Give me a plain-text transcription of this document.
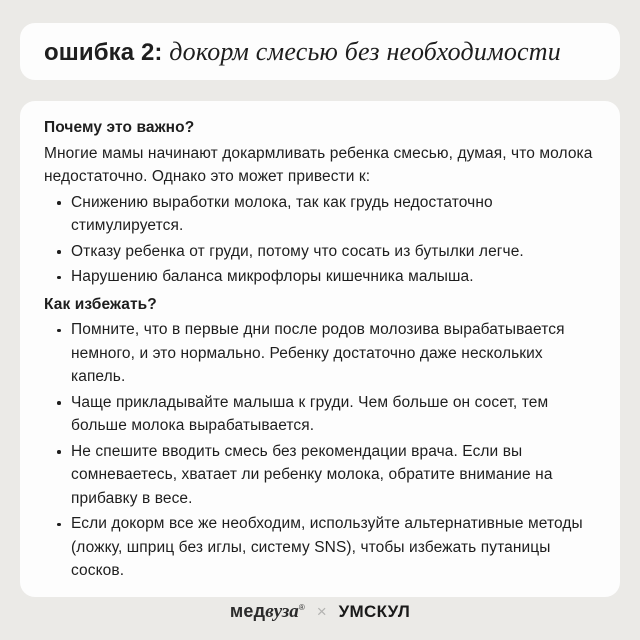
ошибка 2: докорм смесью без необходимости
Почему это важно?

Многие мамы начинают докармливать ребенка смесью, думая, что молока недостаточно. Однако это может привести к:

Снижению выработки молока, так как грудь недостаточно стимулируется.
Отказу ребенка от груди, потому что сосать из бутылки легче.
Нарушению баланса микрофлоры кишечника малыша.
Как избежать?
Помните, что в первые дни после родов молозива вырабатывается немного, и это нормально. Ребенку достаточно даже нескольких капель.
Чаще прикладывайте малыша к груди. Чем больше он сосет, тем больше молока вырабатывается.
Не спешите вводить смесь без рекомендации врача. Если вы сомневаетесь, хватает ли ребенку молока, обратите внимание на прибавку в весе.
Если докорм все же необходим, используйте альтернативные методы (ложку, шприц без иглы, систему SNS), чтобы избежать путаницы сосков.
мед вуза ® × УМСКУЛ
